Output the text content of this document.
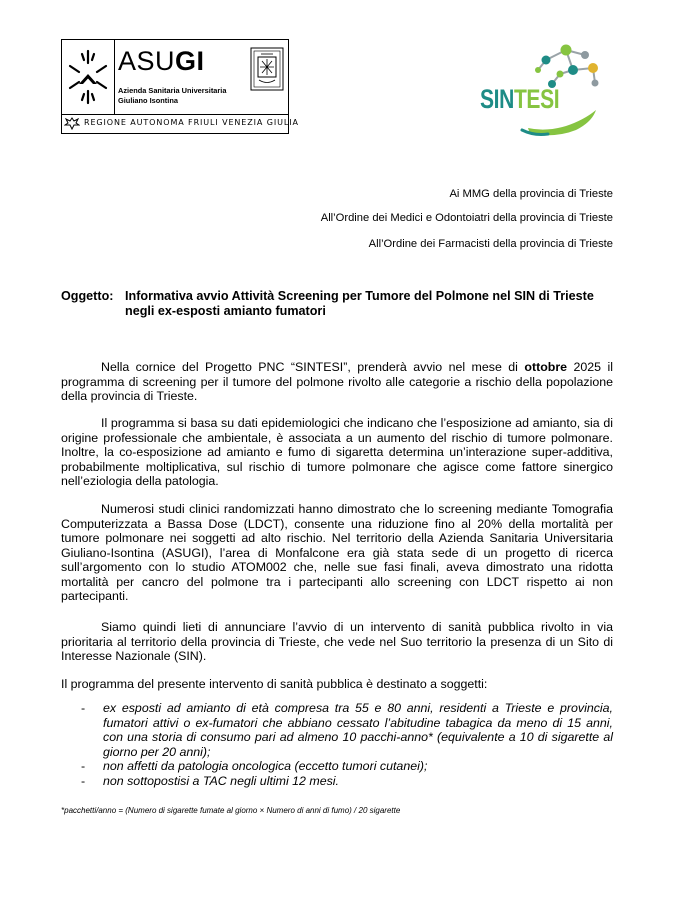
ASUGI
Azienda Sanitaria Universitaria
Giuliano Isontina
REGIONE AUTONOMA FRIULI VENEZIA GIULIA
SINTESI
Ai MMG della provincia di Trieste
All’Ordine dei Medici e Odontoiatri della provincia di Trieste
All’Ordine dei Farmacisti della provincia di Trieste
Oggetto: Informativa avvio Attività Screening per Tumore del Polmone nel SIN di Trieste negli ex-esposti amianto fumatori
Nella cornice del Progetto PNC “SINTESI”, prenderà avvio nel mese di ottobre 2025 il programma di screening per il tumore del polmone rivolto alle categorie a rischio della popolazione della provincia di Trieste.
Il programma si basa su dati epidemiologici che indicano che l’esposizione ad amianto, sia di origine professionale che ambientale, è associata a un aumento del rischio di tumore polmonare. Inoltre, la co-esposizione ad amianto e fumo di sigaretta determina un’interazione super-additiva, probabilmente moltiplicativa, sul rischio di tumore polmonare che agisce come fattore sinergico nell’eziologia della patologia.
Numerosi studi clinici randomizzati hanno dimostrato che lo screening mediante Tomografia Computerizzata a Bassa Dose (LDCT), consente una riduzione fino al 20% della mortalità per tumore polmonare nei soggetti ad alto rischio. Nel territorio della Azienda Sanitaria Universitaria Giuliano-Isontina (ASUGI), l’area di Monfalcone era già stata sede di un progetto di ricerca sull’argomento con lo studio ATOM002 che, nelle sue fasi finali, aveva dimostrato una ridotta mortalità per cancro del polmone tra i partecipanti allo screening con LDCT rispetto ai non partecipanti.
Siamo quindi lieti di annunciare l’avvio di un intervento di sanità pubblica rivolto in via prioritaria al territorio della provincia di Trieste, che vede nel Suo territorio la presenza di un Sito di Interesse Nazionale (SIN).
Il programma del presente intervento di sanità pubblica è destinato a soggetti:
- ex esposti ad amianto di età compresa tra 55 e 80 anni, residenti a Trieste e provincia, fumatori attivi o ex-fumatori che abbiano cessato l’abitudine tabagica da meno di 15 anni, con una storia di consumo pari ad almeno 10 pacchi-anno* (equivalente a 10 di sigarette al giorno per 20 anni);
- non affetti da patologia oncologica (eccetto tumori cutanei);
- non sottopostisi a TAC negli ultimi 12 mesi.
*pacchetti/anno = (Numero di sigarette fumate al giorno × Numero di anni di fumo) / 20 sigarette
